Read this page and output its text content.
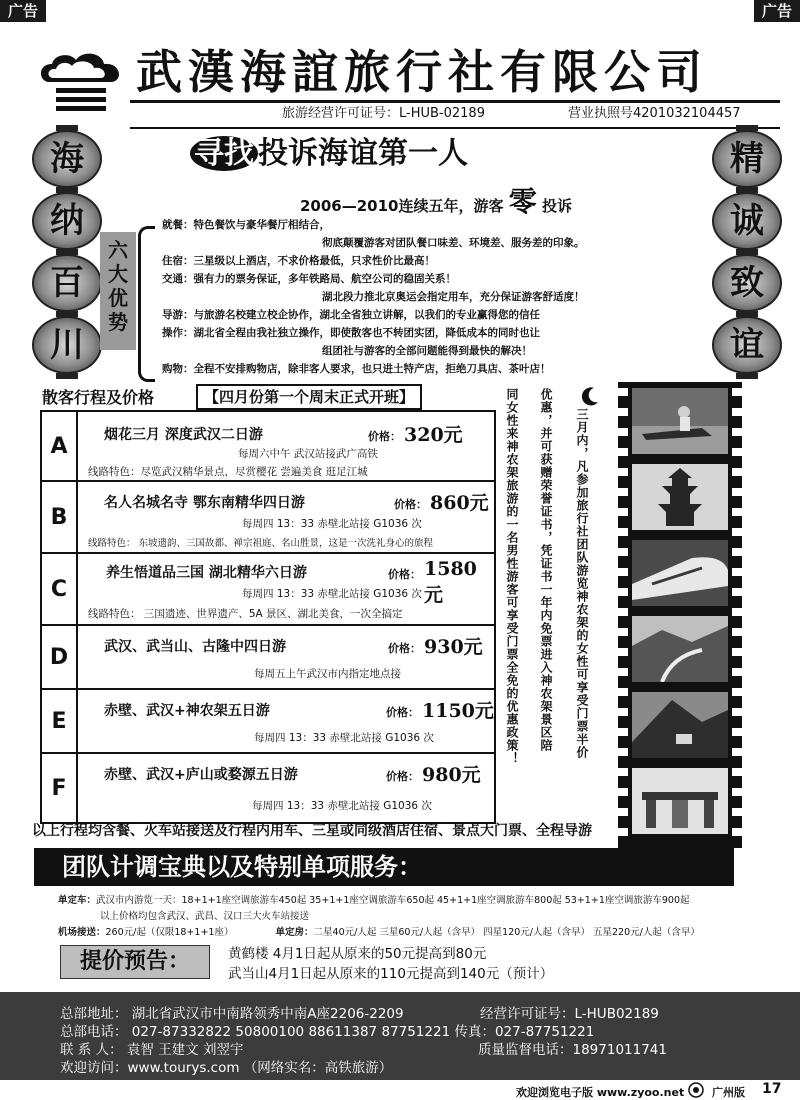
广告	广告
武漢海誼旅行社有限公司
旅游经营许可证号：L-HUB-02189	营业执照号4201032104457
海
纳
百
川
精
诚
致
谊
寻找 投诉海谊第一人
2006—2010连续五年，游客 零 投诉
六大优势
就餐：特色餐饮与豪华餐厅相结合，
彻底颠覆游客对团队餐口味差、环境差、服务差的印象。
住宿：三星级以上酒店，不求价格最低，只求性价比最高！
交通：强有力的票务保证，多年铁路局、航空公司的稳固关系！
湖北段力推北京奥运会指定用车，充分保证游客舒适度！
导游：与旅游名校建立校企协作，湖北全省独立讲解，以我们的专业赢得您的信任
操作：湖北省全程由我社独立操作，即使散客也不转团实团，降低成本的同时也让
组团社与游客的全部问题能得到最快的解决！
购物：全程不安排购物店，除非客人要求，也只进土特产店，拒绝刀具店、茶叶店！
散客行程及价格	【四月份第一个周末正式开班】
A	烟花三月 深度武汉二日游	价格： 320元
每周六中午 武汉站接武广高铁
线路特色：尽览武汉精华景点，尽赏樱花 尝遍美食 逛足江城
B
名人名城名寺 鄂东南精华四日游	价格： 860元
每周四 13：33 赤壁北站接 G1036 次
线路特色： 东坡遗韵、三国故都、禅宗祖庭、名山胜景，这是一次洗礼身心的旅程
C
养生悟道品三国 湖北精华六日游	价格： 1580元
每周四 13：33 赤壁北站接 G1036 次
线路特色： 三国遗迹、世界遗产、5A 景区、湖北美食，一次全搞定
D	武汉、武当山、古隆中四日游	价格： 930元
每周五上午武汉市内指定地点接
E	赤壁、武汉+神农架五日游	价格： 1150元
每周四 13：33 赤壁北站接 G1036 次
F
赤壁、武汉+庐山或婺源五日游	价格： 980元
每周四 13：33 赤壁北站接 G1036 次
同女性来神农架旅游的一名男性游客可享受门票全免的优惠政策！ 优惠，并可获赠荣誉证书，凭证书一年内免票进入神农架景区陪 三月内，凡参加旅行社团队游览神农架的女性可享受门票半价
以上行程均含餐、火车站接送及行程内用车、三星或同级酒店住宿、景点大门票、全程导游
团队计调宝典以及特别单项服务：
单定车：武汉市内游览一天：18+1+1座空调旅游车450起 35+1+1座空调旅游车650起 45+1+1座空调旅游车800起 53+1+1座空调旅游车900起
以上价格均包含武汉、武昌、汉口三大火车站接送
机场接送：260元/起（仅限18+1+1座）	单定房：二星40元/人起 三星60元/人起（含早） 四星120元/人起（含早） 五星220元/人起（含早）
提价预告：	黄鹤楼 4月1日起从原来的50元提高到80元
武当山4月1日起从原来的110元提高到140元（预计）
总部地址： 湖北省武汉市中南路领秀中南A座2206-2209	经营许可证号：L-HUB02189
总部电话： 027-87332822 50800100 88611387 87751221 传真：027-87751221
联 系 人： 袁智 王建文 刘翌宇	质量监督电话：18971011741
欢迎访问：www.tourys.com （网络实名：高铁旅游）
欢迎浏览电子版 www.zyoo.net	广州版 17
